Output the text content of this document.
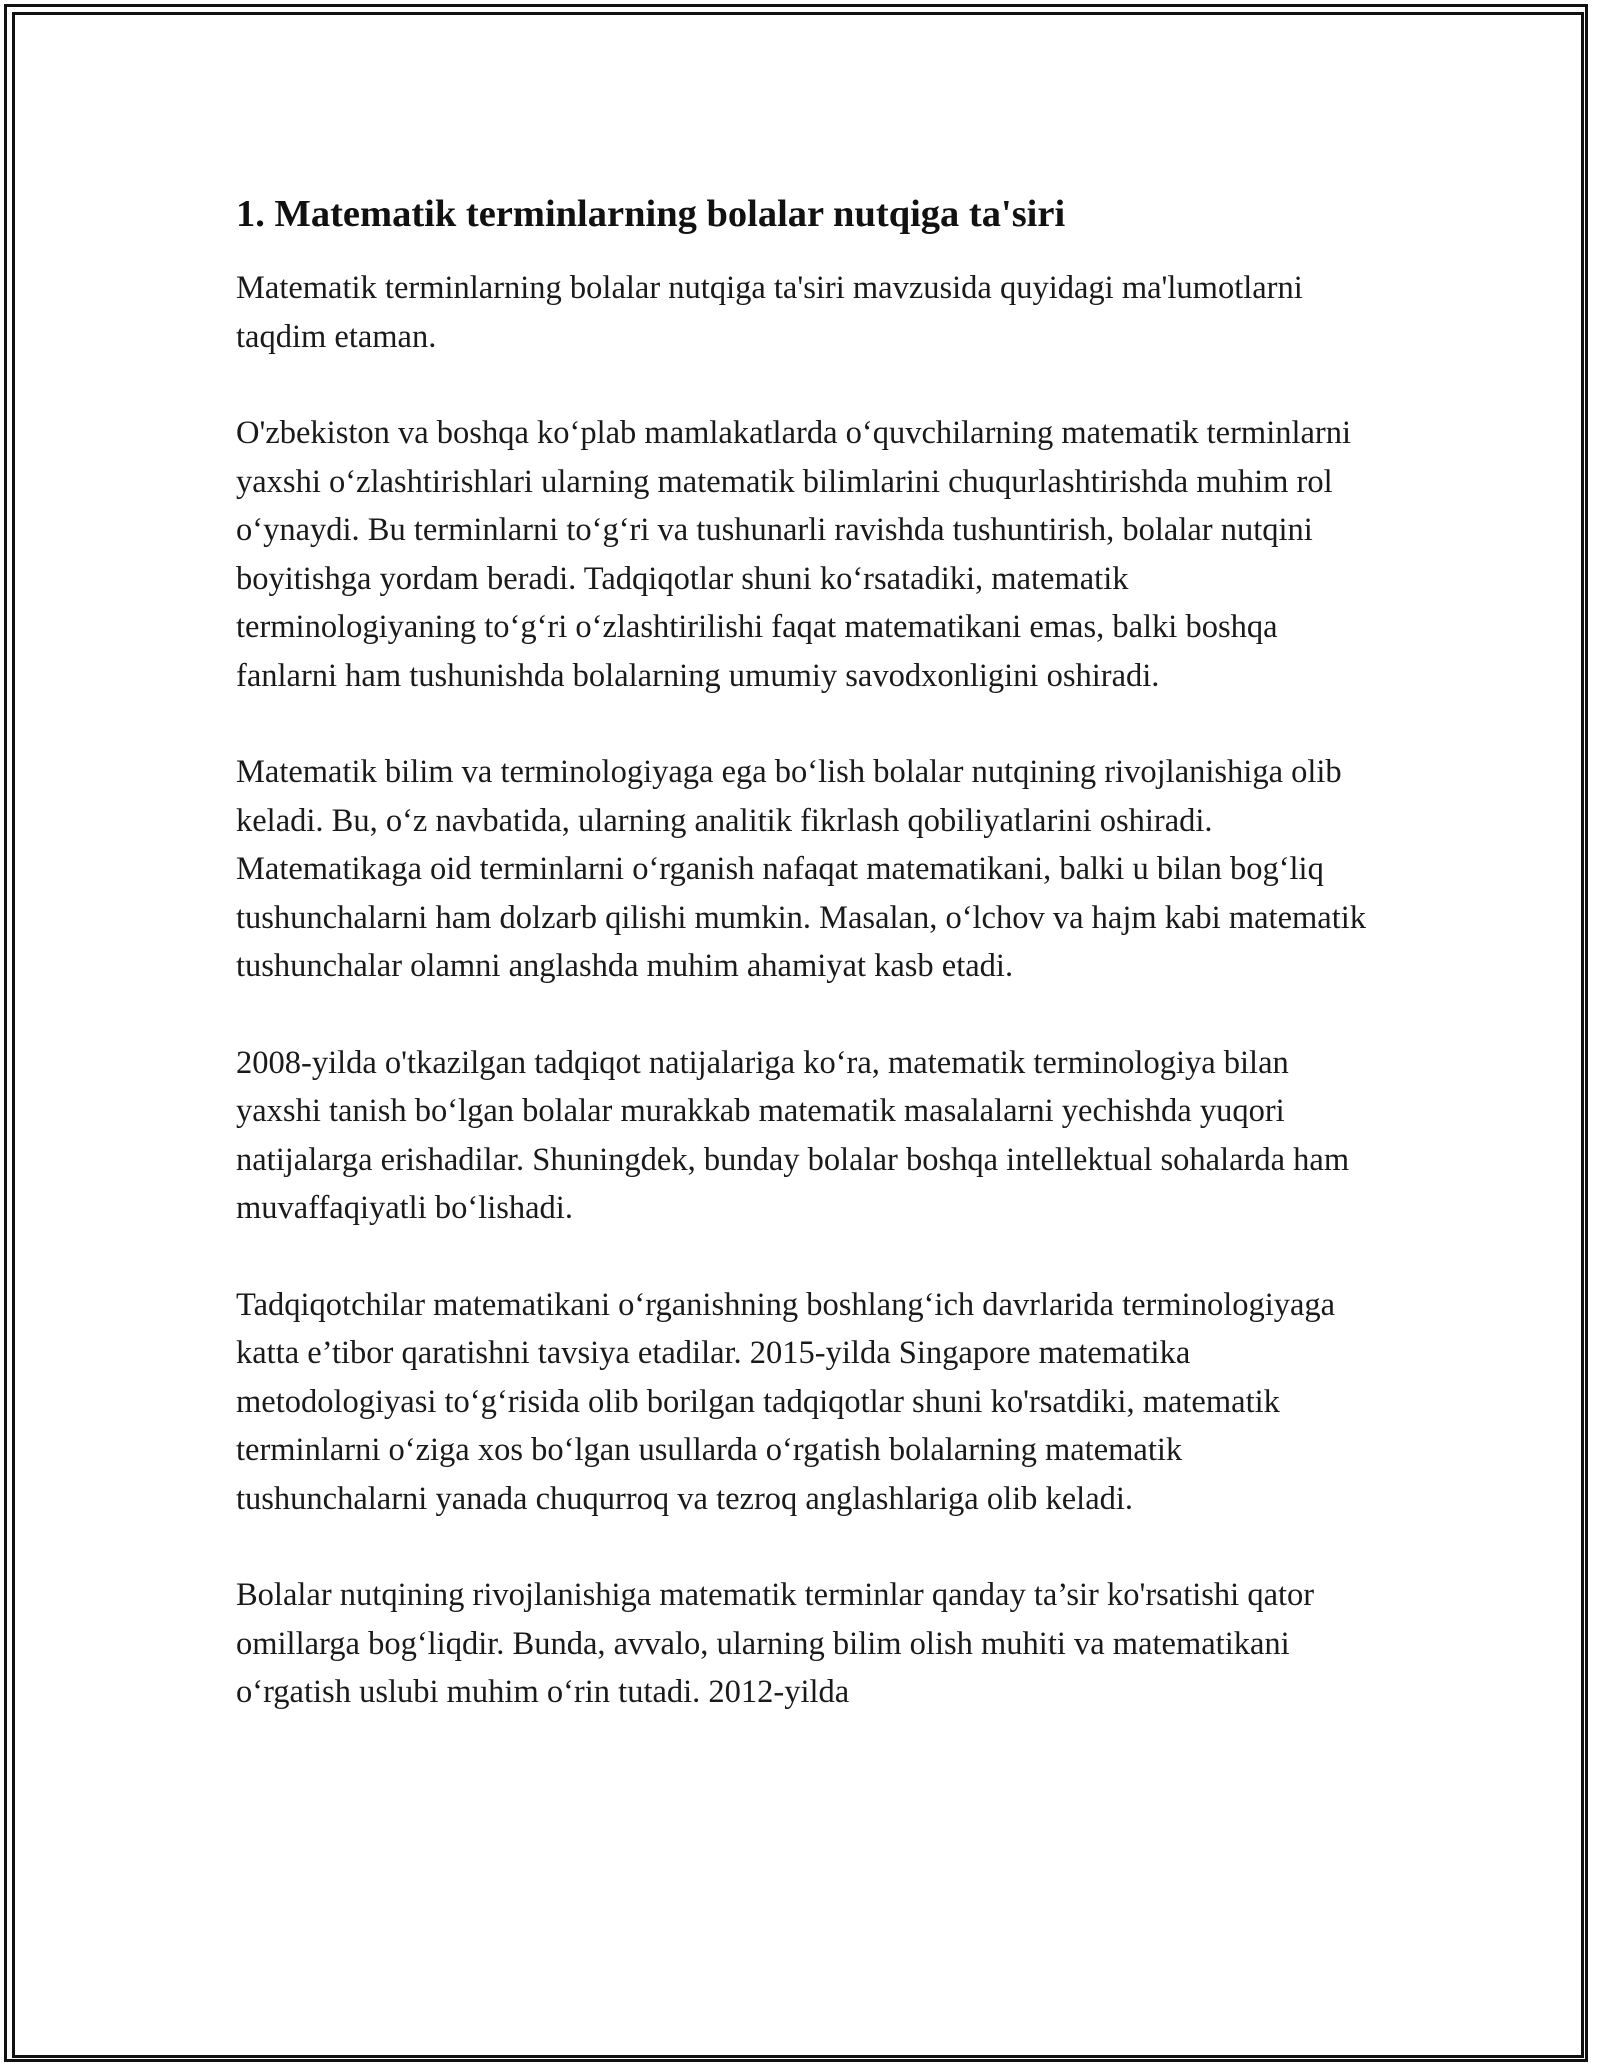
1. Matematik terminlarning bolalar nutqiga ta'siri

Matematik terminlarning bolalar nutqiga ta'siri mavzusida quyidagi ma'lumotlarni taqdim etaman.

O'zbekiston va boshqa ko‘plab mamlakatlarda o‘quvchilarning matematik terminlarni yaxshi o‘zlashtirishlari ularning matematik bilimlarini chuqurlashtirishda muhim rol o‘ynaydi. Bu terminlarni to‘g‘ri va tushunarli ravishda tushuntirish, bolalar nutqini boyitishga yordam beradi. Tadqiqotlar shuni ko‘rsatadiki, matematik terminologiyaning to‘g‘ri o‘zlashtirilishi faqat matematikani emas, balki boshqa fanlarni ham tushunishda bolalarning umumiy savodxonligini oshiradi.

Matematik bilim va terminologiyaga ega bo‘lish bolalar nutqining rivojlanishiga olib keladi. Bu, o‘z navbatida, ularning analitik fikrlash qobiliyatlarini oshiradi. Matematikaga oid terminlarni o‘rganish nafaqat matematikani, balki u bilan bog‘liq tushunchalarni ham dolzarb qilishi mumkin. Masalan, o‘lchov va hajm kabi matematik tushunchalar olamni anglashda muhim ahamiyat kasb etadi.

2008-yilda o'tkazilgan tadqiqot natijalariga ko‘ra, matematik terminologiya bilan yaxshi tanish bo‘lgan bolalar murakkab matematik masalalarni yechishda yuqori natijalarga erishadilar. Shuningdek, bunday bolalar boshqa intellektual sohalarda ham muvaffaqiyatli bo‘lishadi.

Tadqiqotchilar matematikani o‘rganishning boshlang‘ich davrlarida terminologiyaga katta e’tibor qaratishni tavsiya etadilar. 2015-yilda Singapore matematika metodologiyasi to‘g‘risida olib borilgan tadqiqotlar shuni ko'rsatdiki, matematik terminlarni o‘ziga xos bo‘lgan usullarda o‘rgatish bolalarning matematik tushunchalarni yanada chuqurroq va tezroq anglashlariga olib keladi.

Bolalar nutqining rivojlanishiga matematik terminlar qanday ta’sir ko'rsatishi qator omillarga bog‘liqdir. Bunda, avvalo, ularning bilim olish muhiti va matematikani o‘rgatish uslubi muhim o‘rin tutadi. 2012-yilda
